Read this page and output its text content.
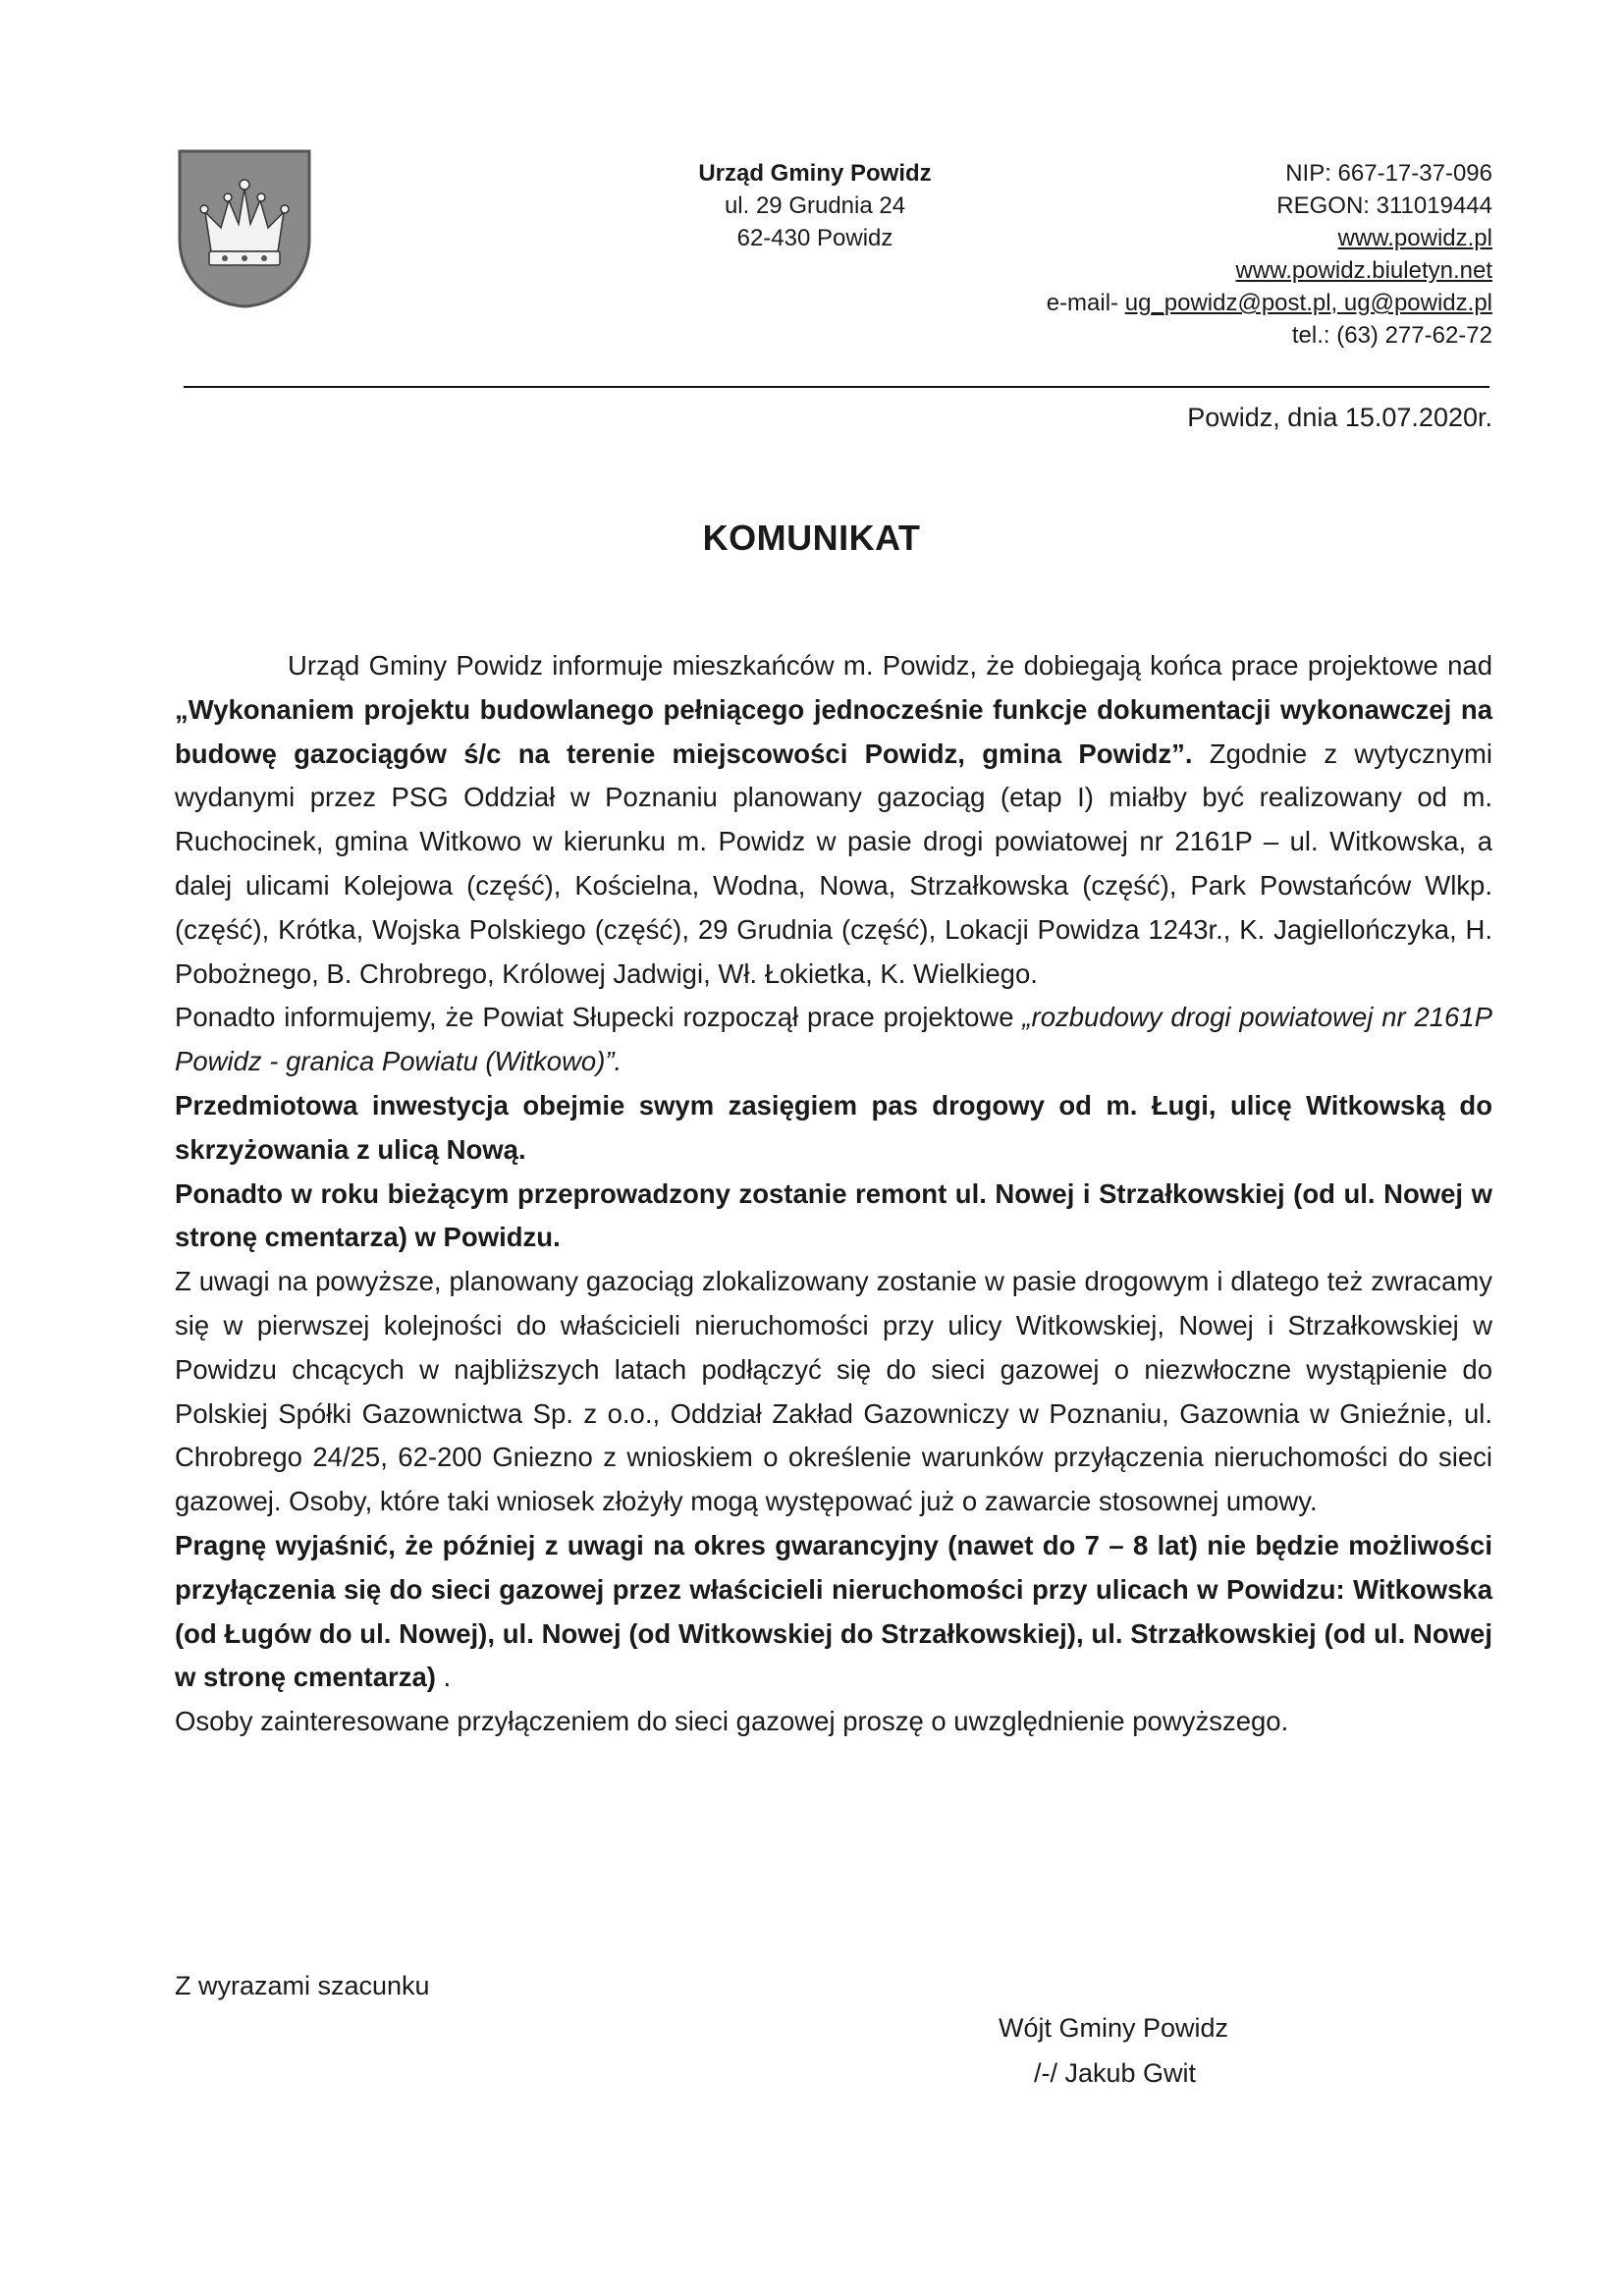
Urząd Gminy Powidz
ul. 29 Grudnia 24
62-430 Powidz
NIP: 667-17-37-096
REGON: 311019444
www.powidz.pl
www.powidz.biuletyn.net
e-mail- ug_powidz@post.pl, ug@powidz.pl
tel.: (63) 277-62-72
Powidz, dnia 15.07.2020r.
KOMUNIKAT

Urząd Gminy Powidz informuje mieszkańców m. Powidz, że dobiegają końca prace projektowe nad „Wykonaniem projektu budowlanego pełniącego jednocześnie funkcje dokumentacji wykonawczej na budowę gazociągów ś/c na terenie miejscowości Powidz, gmina Powidz”. Zgodnie z wytycznymi wydanymi przez PSG Oddział w Poznaniu planowany gazociąg (etap I) miałby być realizowany od m. Ruchocinek, gmina Witkowo w kierunku m. Powidz w pasie drogi powiatowej nr 2161P – ul. Witkowska, a dalej ulicami Kolejowa (część), Kościelna, Wodna, Nowa, Strzałkowska (część), Park Powstańców Wlkp. (część), Krótka, Wojska Polskiego (część), 29 Grudnia (część), Lokacji Powidza 1243r., K. Jagiellończyka, H. Pobożnego, B. Chrobrego, Królowej Jadwigi, Wł. Łokietka, K. Wielkiego.

Ponadto informujemy, że Powiat Słupecki rozpoczął prace projektowe „rozbudowy drogi powiatowej nr 2161P Powidz - granica Powiatu (Witkowo)”.

Przedmiotowa inwestycja obejmie swym zasięgiem pas drogowy od m. Ługi, ulicę Witkowską do skrzyżowania z ulicą Nową.

Ponadto w roku bieżącym przeprowadzony zostanie remont ul. Nowej i Strzałkowskiej (od ul. Nowej w stronę cmentarza) w Powidzu.

Z uwagi na powyższe, planowany gazociąg zlokalizowany zostanie w pasie drogowym i dlatego też zwracamy się w pierwszej kolejności do właścicieli nieruchomości przy ulicy Witkowskiej, Nowej i Strzałkowskiej w Powidzu chcących w najbliższych latach podłączyć się do sieci gazowej o niezwłoczne wystąpienie do Polskiej Spółki Gazownictwa Sp. z o.o., Oddział Zakład Gazowniczy w Poznaniu, Gazownia w Gnieźnie, ul. Chrobrego 24/25, 62-200 Gniezno z wnioskiem o określenie warunków przyłączenia nieruchomości do sieci gazowej. Osoby, które taki wniosek złożyły mogą występować już o zawarcie stosownej umowy.

Pragnę wyjaśnić, że później z uwagi na okres gwarancyjny (nawet do 7 – 8 lat) nie będzie możliwości przyłączenia się do sieci gazowej przez właścicieli nieruchomości przy ulicach w Powidzu: Witkowska (od Ługów do ul. Nowej), ul. Nowej (od Witkowskiej do Strzałkowskiej), ul. Strzałkowskiej (od ul. Nowej w stronę cmentarza) .

Osoby zainteresowane przyłączeniem do sieci gazowej proszę o uwzględnienie powyższego.

Z wyrazami szacunku
Wójt Gminy Powidz
/-/ Jakub Gwit
